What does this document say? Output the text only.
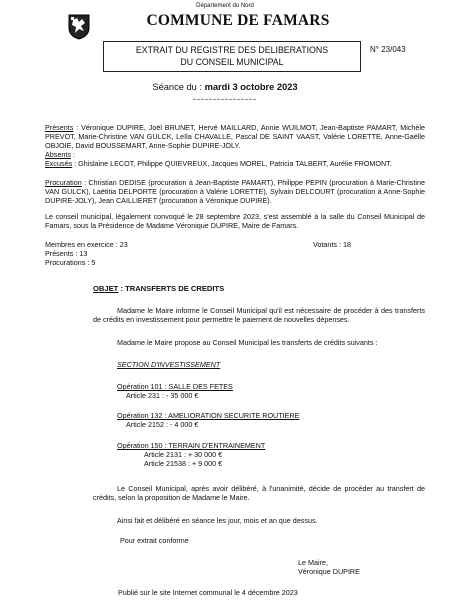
Département du Nord
COMMUNE DE FAMARS
EXTRAIT DU REGISTRE DES DELIBERATIONS
DU CONSEIL MUNICIPAL
N° 23/043
Séance du : mardi 3 octobre 2023
----------------
Présents : Véronique DUPIRE, Joël BRUNET, Hervé MAILLARD, Annie WUILMOT, Jean-Baptiste PAMART, Michèle PREVOT, Marie-Christine VAN GULCK, Leïla CHAVALLE, Pascal DE SAINT VAAST, Valérie LORETTE, Anne-Gaëlle OBJOIE, David BOUSSEMART, Anne-Sophie DUPIRE-JOLY.
Absents :
Excusés : Ghislaine LECOT, Philippe QUIEVREUX, Jacques MOREL, Patricia TALBERT, Aurélie FROMONT.
Procuration : Christian DEDISE (procuration à Jean-Baptiste PAMART), Philippe PEPIN (procuration à Marie-Christine VAN GULCK), Laëtitia DELPORTE (procuration à Valérie LORETTE), Sylvain DELCOURT (procuration à Anne-Sophie DUPIRE-JOLY), Jean CAILLIERET (procuration à Véronique DUPIRE).
Le conseil municipal, légalement convoqué le 28 septembre 2023, s'est assemblé à la salle du Conseil Municipal de Famars, sous la Présidence de Madame Véronique DUPIRE, Maire de Famars.
Membres en exercice : 23	Votants : 18
Présents : 13
Procurations : 5
OBJET : TRANSFERTS DE CREDITS
Madame le Maire informe le Conseil Municipal qu'il est nécessaire de procéder à des transferts de crédits en investissement pour permettre le paiement de nouvelles dépenses.
Madame le Maire propose au Conseil Municipal les transferts de crédits suivants :
SECTION D'INVESTISSEMENT
Opération 101 : SALLE DES FETES
Article 231 : - 35 000 €
Opération 132 : AMELIORATION SECURITE ROUTIERE
Article 2152 : - 4 000 €
Opération 150 : TERRAIN D'ENTRAINEMENT
Article 2131 : + 30 000 €
Article 21538 : + 9 000 €
Le Conseil Municipal, après avoir délibéré, à l'unanimité, décide de procéder au transfert de crédits, selon la proposition de Madame le Maire.
Ainsi fait et délibéré en séance les jour, mois et an que dessus.
Pour extrait conforme
Le Maire,
Véronique DUPIRE
Publié sur le site Internet communal le 4 décembre 2023
